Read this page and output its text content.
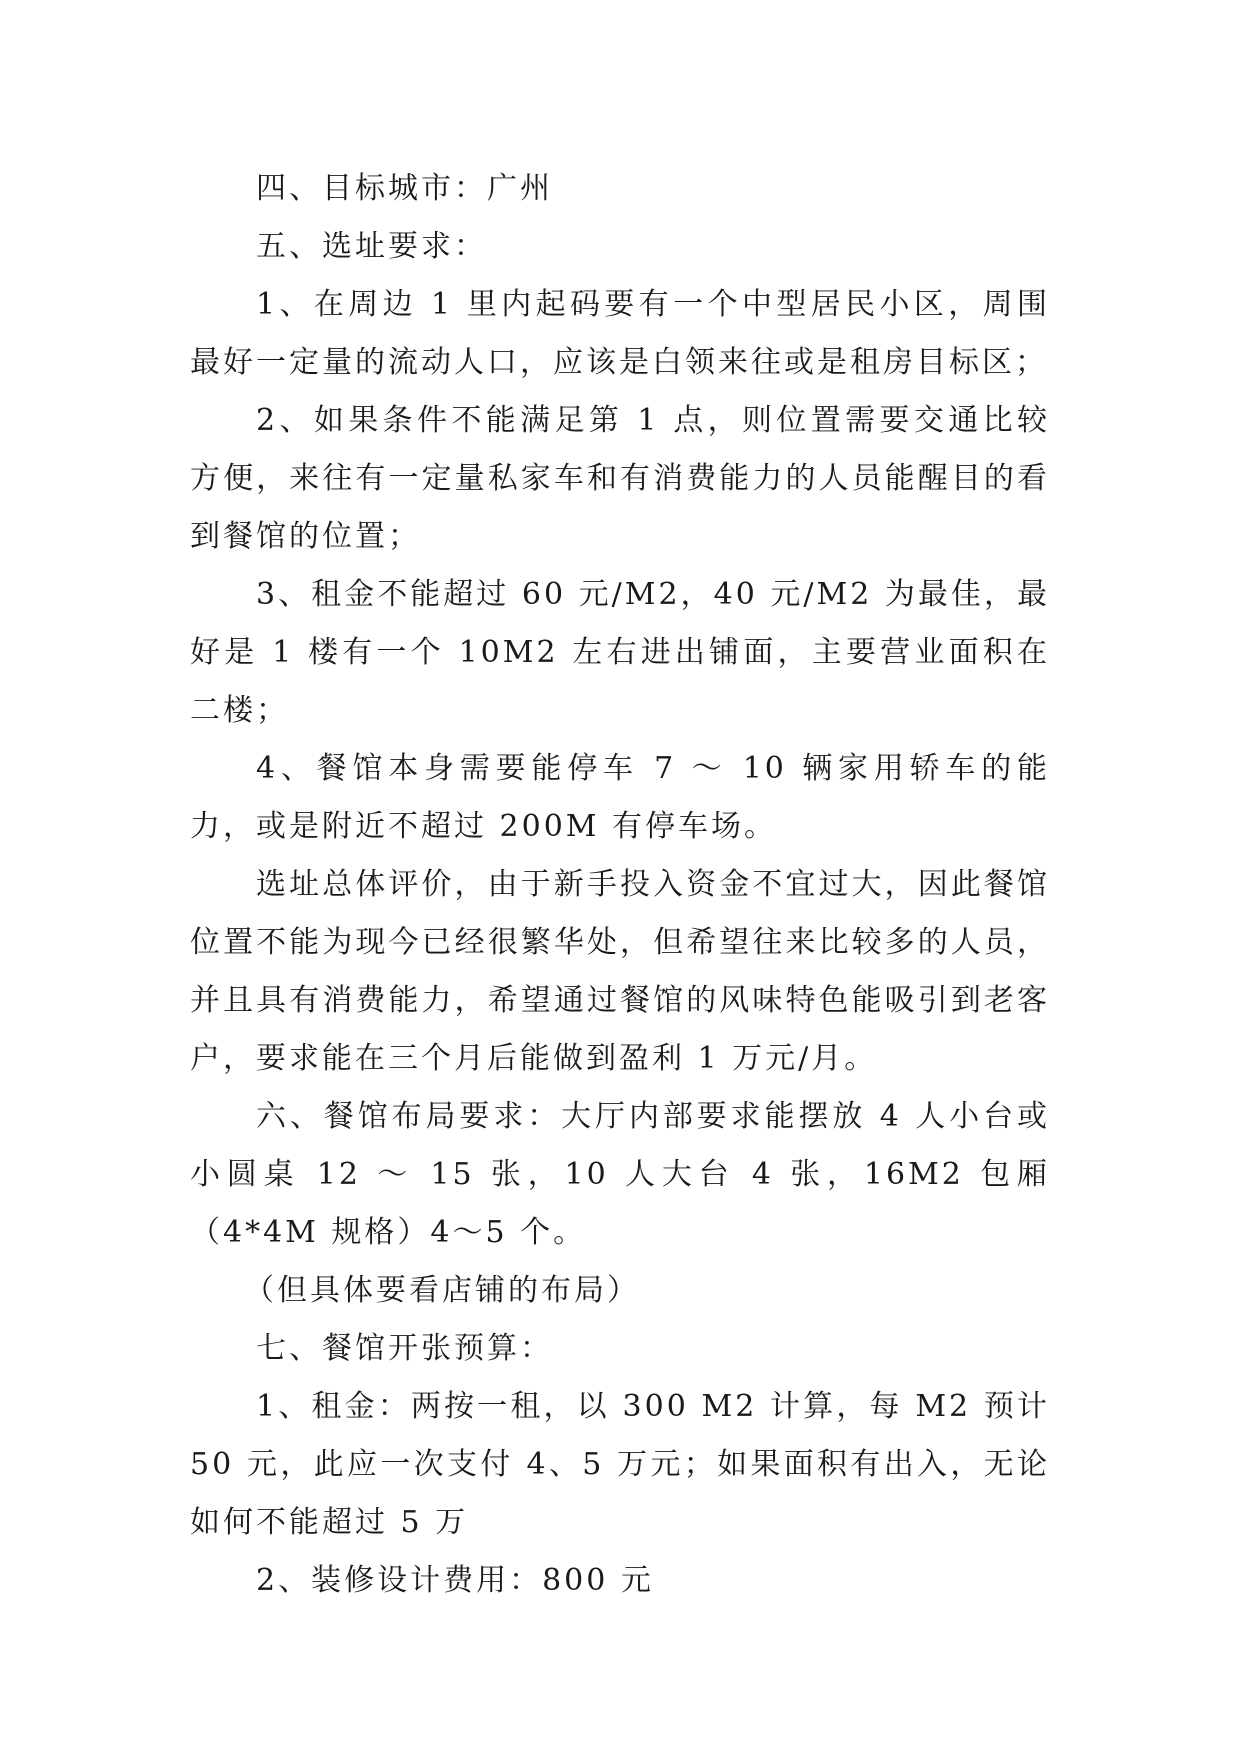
四、目标城市：广州

五、选址要求：

1、在周边 1 里内起码要有一个中型居民小区，周围最好一定量的流动人口，应该是白领来往或是租房目标区；

2、如果条件不能满足第 1 点，则位置需要交通比较方便，来往有一定量私家车和有消费能力的人员能醒目的看到餐馆的位置；

3、租金不能超过 60 元/M2，40 元/M2 为最佳，最好是 1 楼有一个 10M2 左右进出铺面，主要营业面积在二楼；

4、餐馆本身需要能停车 7 ～ 10 辆家用轿车的能力，或是附近不超过 200M 有停车场。

选址总体评价，由于新手投入资金不宜过大，因此餐馆位置不能为现今已经很繁华处，但希望往来比较多的人员，并且具有消费能力，希望通过餐馆的风味特色能吸引到老客户，要求能在三个月后能做到盈利 1 万元/月。

六、餐馆布局要求：大厅内部要求能摆放 4 人小台或小圆桌 12 ～ 15 张，10 人大台 4 张，16M2 包厢（4*4M 规格）4～5 个。

（但具体要看店铺的布局）

七、餐馆开张预算：

1、租金：两按一租，以 300 M2 计算，每 M2 预计 50 元，此应一次支付 4、5 万元；如果面积有出入，无论如何不能超过 5 万

2、装修设计费用：800 元
